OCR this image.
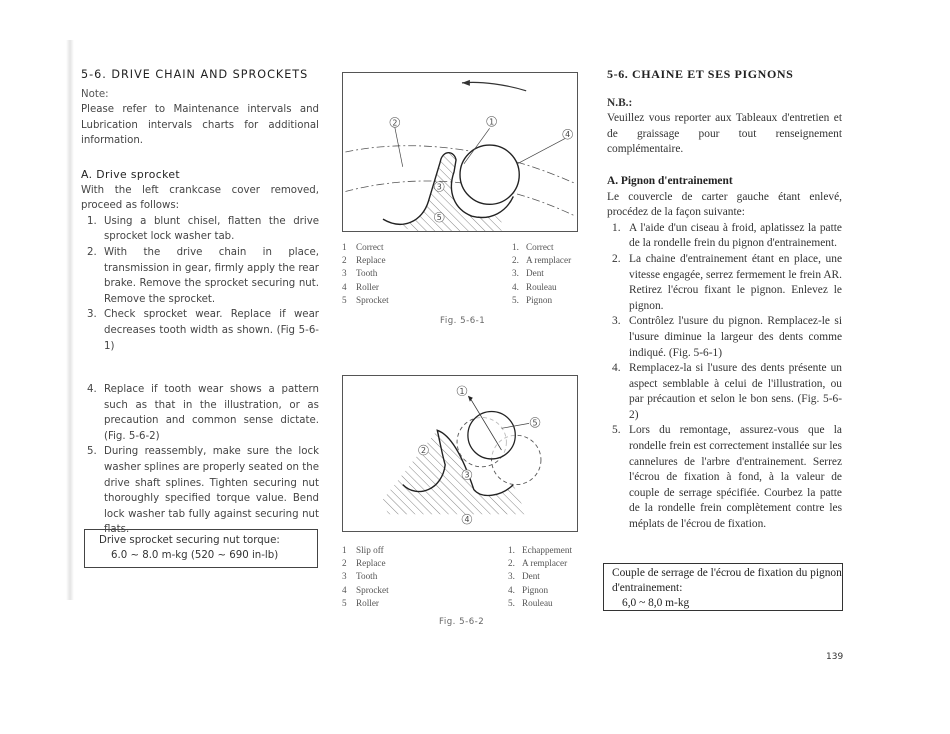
5-6. DRIVE CHAIN AND SPROCKETS
Note:

Please refer to Maintenance intervals and Lubrication intervals charts for additional information.

A. Drive sprocket

With the left crankcase cover removed, proceed as follows:

1. Using a blunt chisel, flatten the drive sprocket lock washer tab.
2. With the drive chain in place, transmission in gear, firmly apply the rear brake. Remove the sprocket securing nut. Remove the sprocket.
3. Check sprocket wear. Replace if wear decreases tooth width as shown. (Fig 5-6-1)
4. Replace if tooth wear shows a pattern such as that in the illustration, or as precaution and common sense dictate. (Fig. 5-6-2)
5. During reassembly, make sure the lock washer splines are properly seated on the drive shaft splines. Tighten securing nut thoroughly specified torque value. Bend lock washer tab fully against securing nut flats.
Drive sprocket securing nut torque:
6.0 ~ 8.0 m-kg (520 ~ 690 in-lb)
2	1
4
3
5
1 Correct
2 Replace
3 Tooth
4 Roller
5 Sprocket
1. Correct
2. A remplacer
3. Dent
4. Rouleau
5. Pignon
Fig. 5-6-1
1
5
2
3
4
1 Slip off
2 Replace
3 Tooth
4 Sprocket
5 Roller
1. Echappement
2. A remplacer
3. Dent
4. Pignon
5. Rouleau
Fig. 5-6-2
5-6. CHAINE ET SES PIGNONS
N.B.:

Veuillez vous reporter aux Tableaux d'entretien et de graissage pour tout renseignement complémentaire.

A. Pignon d'entrainement

Le couvercle de carter gauche étant enlevé, procédez de la façon suivante:

1. A l'aide d'un ciseau à froid, aplatissez la patte de la rondelle frein du pignon d'entrainement.
2. La chaine d'entrainement étant en place, une vitesse engagée, serrez fermement le frein AR. Retirez l'écrou fixant le pignon. Enlevez le pignon.
3. Contrôlez l'usure du pignon. Remplacez-le si l'usure diminue la largeur des dents comme indiqué. (Fig. 5-6-1)
4. Remplacez-la si l'usure des dents présente un aspect semblable à celui de l'illustration, ou par précaution et selon le bon sens. (Fig. 5-6-2)
5. Lors du remontage, assurez-vous que la rondelle frein est correctement installée sur les cannelures de l'arbre d'entrainement. Serrez l'écrou de fixation à fond, à la valeur de couple de serrage spécifiée. Courbez la patte de la rondelle frein complètement contre les méplats de l'écrou de fixation.
Couple de serrage de l'écrou de fixation du pignon d'entrainement:
6,0 ~ 8,0 m-kg
139
